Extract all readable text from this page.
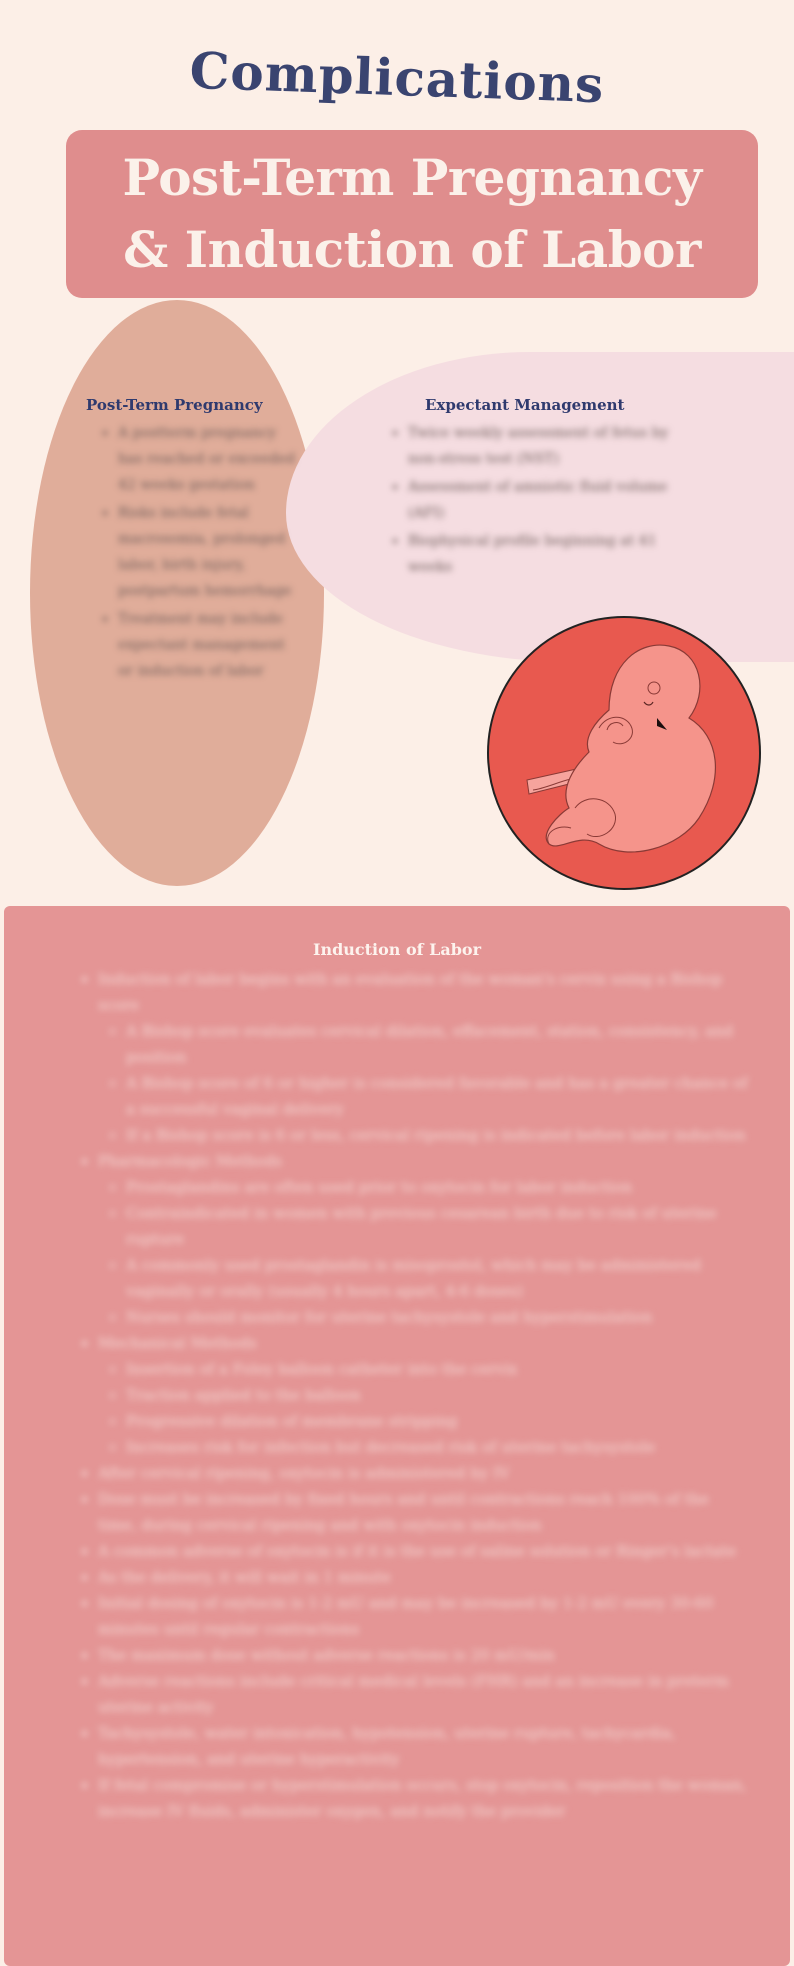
Complications
Post-Term Pregnancy
& Induction of Labor
Post-Term Pregnancy
• A postterm pregnancy has reached or exceeded 42 weeks gestation
• Risks include fetal macrosomia, prolonged labor, birth injury, postpartum hemorrhage
• Treatment may include expectant management or induction of labor
Expectant Management
• Twice weekly assessment of fetus by non-stress test (NST)
• Assessment of amniotic fluid volume (AFI)
• Biophysical profile beginning at 41 weeks
Induction of Labor
• Induction of labor begins with an evaluation of the woman's cervix using a Bishop score
◦ A Bishop score evaluates cervical dilation, effacement, station, consistency, and position
◦ A Bishop score of 6 or higher is considered favorable and has a greater chance of a successful vaginal delivery
◦ If a Bishop score is 6 or less, cervical ripening is indicated before labor induction
• Pharmacologic Methods
◦ Prostaglandins are often used prior to oxytocin for labor induction
◦ Contraindicated in women with previous cesarean birth due to risk of uterine rupture
◦ A commonly used prostaglandin is misoprostol, which may be administered vaginally or orally (usually 4 hours apart, 4-6 doses)
◦ Nurses should monitor for uterine tachysystole and hyperstimulation
• Mechanical Methods
◦ Insertion of a Foley balloon catheter into the cervix
◦ Traction applied to the balloon
◦ Progressive dilation of membrane stripping
◦ Increases risk for infection but decreased risk of uterine tachysystole
• After cervical ripening, oxytocin is administered by IV
• Dose must be increased by fixed hours and until contractions reach 100% of the time, during cervical ripening and with oxytocin induction
• A common adverse of oxytocin is if it is the use of saline solution or Ringer's lactate
• As the delivery, it will wait in 1 minute
• Initial dosing of oxytocin is 1-2 mU and may be increased by 1-2 mU every 30-60 minutes until regular contractions
• The maximum dose without adverse reactions is 20 mU/min
• Adverse reactions include critical medical levels (FHR) and an increase in preterm uterine activity
• Tachysystole, water intoxication, hypotension, uterine rupture, tachycardia, hypertension, and uterine hyperactivity
• If fetal compromise or hyperstimulation occurs, stop oxytocin, reposition the woman, increase IV fluids, administer oxygen, and notify the provider
